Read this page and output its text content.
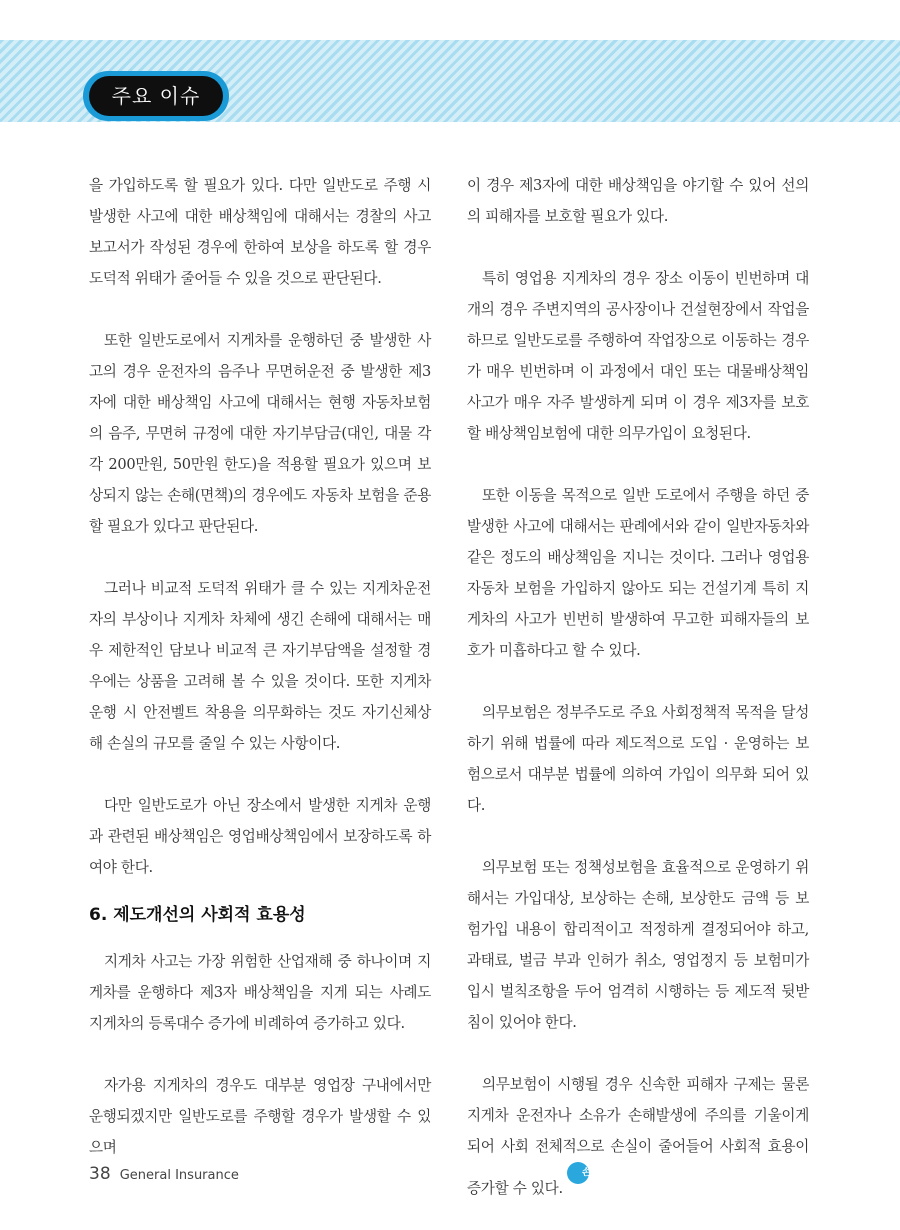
주요 이슈

을 가입하도록 할 필요가 있다. 다만 일반도로 주행 시 발생한 사고에 대한 배상책임에 대해서는 경찰의 사고보고서가 작성된 경우에 한하여 보상을 하도록 할 경우 도덕적 위태가 줄어들 수 있을 것으로 판단된다.

또한 일반도로에서 지게차를 운행하던 중 발생한 사고의 경우 운전자의 음주나 무면허운전 중 발생한 제3자에 대한 배상책임 사고에 대해서는 현행 자동차보험의 음주, 무면허 규정에 대한 자기부담금(대인, 대물 각각 200만원, 50만원 한도)을 적용할 필요가 있으며 보상되지 않는 손해(면책)의 경우에도 자동차 보험을 준용할 필요가 있다고 판단된다.

그러나 비교적 도덕적 위태가 클 수 있는 지게차운전자의 부상이나 지게차 차체에 생긴 손해에 대해서는 매우 제한적인 담보나 비교적 큰 자기부담액을 설정할 경우에는 상품을 고려해 볼 수 있을 것이다. 또한 지게차 운행 시 안전벨트 착용을 의무화하는 것도 자기신체상해 손실의 규모를 줄일 수 있는 사항이다.

다만 일반도로가 아닌 장소에서 발생한 지게차 운행과 관련된 배상책임은 영업배상책임에서 보장하도록 하여야 한다.

6. 제도개선의 사회적 효용성

지게차 사고는 가장 위험한 산업재해 중 하나이며 지게차를 운행하다 제3자 배상책임을 지게 되는 사례도 지게차의 등록대수 증가에 비례하여 증가하고 있다.

자가용 지게차의 경우도 대부분 영업장 구내에서만 운행되겠지만 일반도로를 주행할 경우가 발생할 수 있으며

이 경우 제3자에 대한 배상책임을 야기할 수 있어 선의의 피해자를 보호할 필요가 있다.

특히 영업용 지게차의 경우 장소 이동이 빈번하며 대개의 경우 주변지역의 공사장이나 건설현장에서 작업을 하므로 일반도로를 주행하여 작업장으로 이동하는 경우가 매우 빈번하며 이 과정에서 대인 또는 대물배상책임 사고가 매우 자주 발생하게 되며 이 경우 제3자를 보호할 배상책임보험에 대한 의무가입이 요청된다.

또한 이동을 목적으로 일반 도로에서 주행을 하던 중 발생한 사고에 대해서는 판례에서와 같이 일반자동차와 같은 정도의 배상책임을 지니는 것이다. 그러나 영업용 자동차 보험을 가입하지 않아도 되는 건설기계 특히 지게차의 사고가 빈번히 발생하여 무고한 피해자들의 보호가 미흡하다고 할 수 있다.

의무보험은 정부주도로 주요 사회정책적 목적을 달성하기 위해 법률에 따라 제도적으로 도입 · 운영하는 보험으로서 대부분 법률에 의하여 가입이 의무화 되어 있다.

의무보험 또는 정책성보험을 효율적으로 운영하기 위해서는 가입대상, 보상하는 손해, 보상한도 금액 등 보험가입 내용이 합리적이고 적정하게 결정되어야 하고, 과태료, 벌금 부과 인허가 취소, 영업정지 등 보험미가입시 벌칙조항을 두어 엄격히 시행하는 등 제도적 뒷받침이 있어야 한다.

의무보험이 시행될 경우 신속한 피해자 구제는 물론 지게차 운전자나 소유가 손해발생에 주의를 기울이게 되어 사회 전체적으로 손실이 줄어들어 사회적 효용이 증가할 수 있다.손보

38 General Insurance
